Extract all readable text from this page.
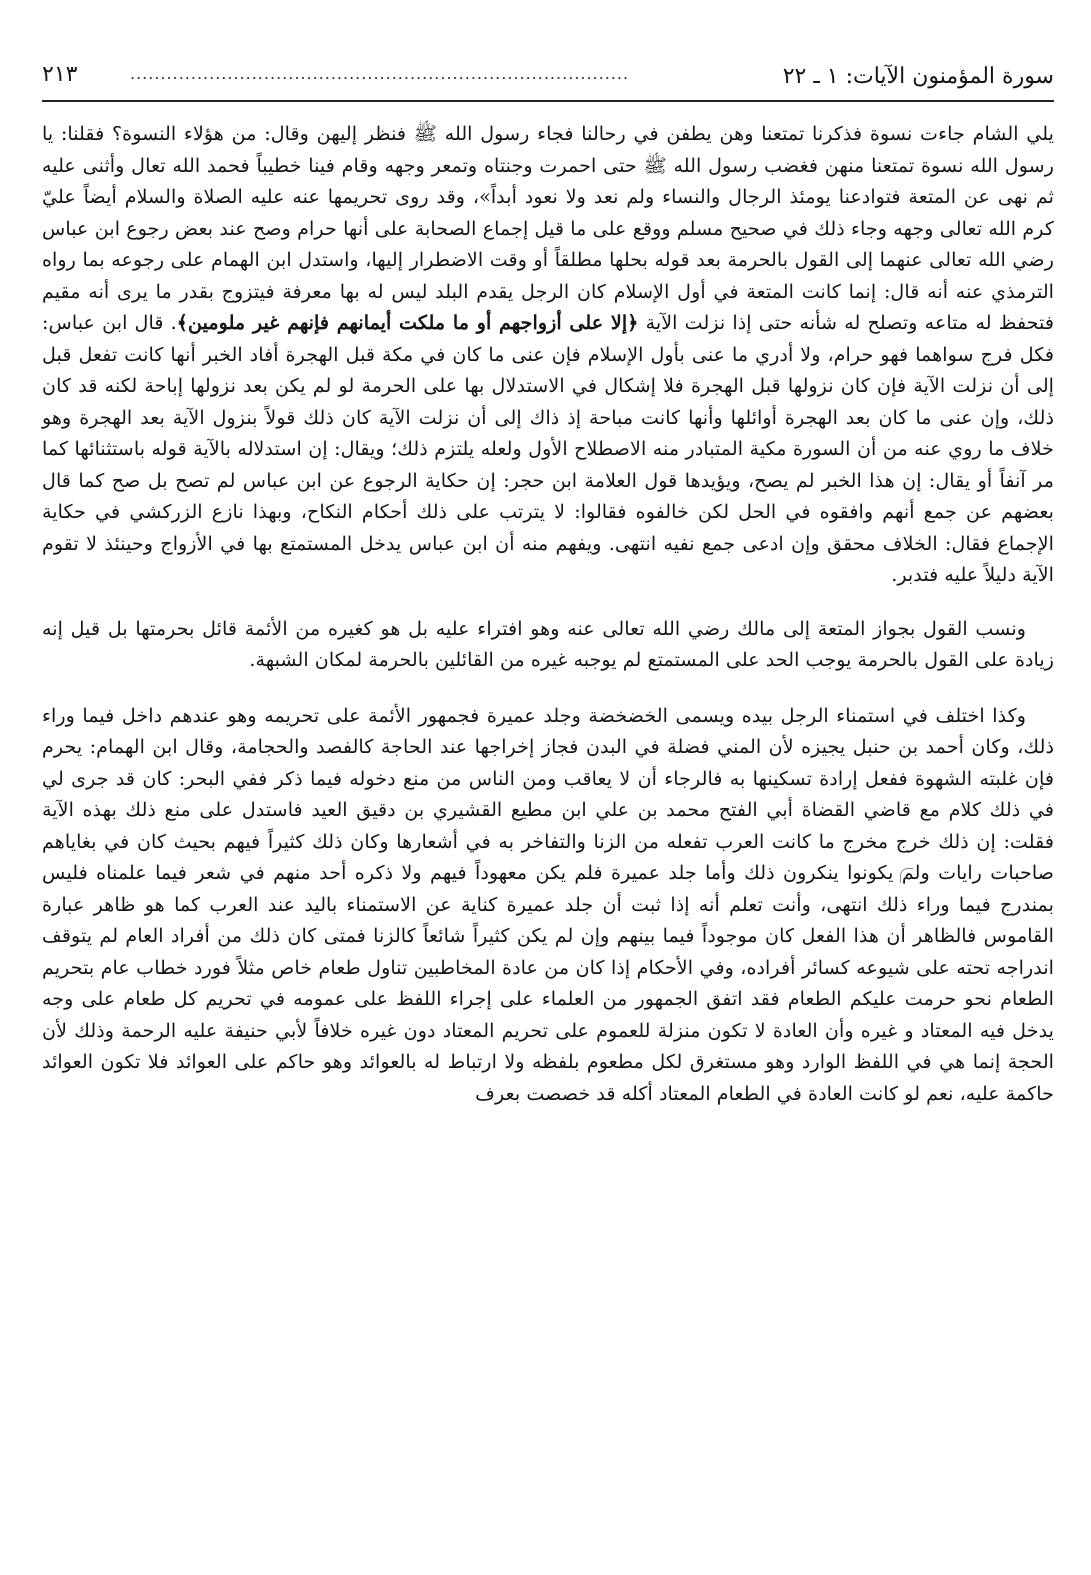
سورة المؤمنون الآيات: ١ ـ ٢٢
..................................................................................
٢١٣

يلي الشام جاءت نسوة فذكرنا تمتعنا وهن يطفن في رحالنا فجاء رسول الله ﷺ فنظر إليهن وقال: من هؤلاء النسوة؟ فقلنا: يا رسول الله نسوة تمتعنا منهن فغضب رسول الله ﷺ حتى احمرت وجنتاه وتمعر وجهه وقام فينا خطيباً فحمد الله تعال وأثنى عليه ثم نهى عن المتعة فتوادعنا يومئذ الرجال والنساء ولم نعد ولا نعود أبداً»، وقد روى تحريمها عنه عليه الصلاة والسلام أيضاً عليّ كرم الله تعالى وجهه وجاء ذلك في صحيح مسلم ووقع على ما قيل إجماع الصحابة على أنها حرام وصح عند بعض رجوع ابن عباس رضي الله تعالى عنهما إلى القول بالحرمة بعد قوله بحلها مطلقاً أو وقت الاضطرار إليها، واستدل ابن الهمام على رجوعه بما رواه الترمذي عنه أنه قال: إنما كانت المتعة في أول الإسلام كان الرجل يقدم البلد ليس له بها معرفة فيتزوج بقدر ما يرى أنه مقيم فتحفظ له متاعه وتصلح له شأنه حتى إذا نزلت الآية ﴿إلا على أزواجهم أو ما ملكت أيمانهم فإنهم غير ملومين﴾. قال ابن عباس: فكل فرج سواهما فهو حرام، ولا أدري ما عنى بأول الإسلام فإن عنى ما كان في مكة قبل الهجرة أفاد الخبر أنها كانت تفعل قبل إلى أن نزلت الآية فإن كان نزولها قبل الهجرة فلا إشكال في الاستدلال بها على الحرمة لو لم يكن بعد نزولها إباحة لكنه قد كان ذلك، وإن عنى ما كان بعد الهجرة أوائلها وأنها كانت مباحة إذ ذاك إلى أن نزلت الآية كان ذلك قولاً بنزول الآية بعد الهجرة وهو خلاف ما روي عنه من أن السورة مكية المتبادر منه الاصطلاح الأول ولعله يلتزم ذلك؛ ويقال: إن استدلاله بالآية قوله باستثنائها كما مر آنفاً أو يقال: إن هذا الخبر لم يصح، ويؤيدها قول العلامة ابن حجر: إن حكاية الرجوع عن ابن عباس لم تصح بل صح كما قال بعضهم عن جمع أنهم وافقوه في الحل لكن خالفوه فقالوا: لا يترتب على ذلك أحكام النكاح، وبهذا نازع الزركشي في حكاية الإجماع فقال: الخلاف محقق وإن ادعى جمع نفيه انتهى. ويفهم منه أن ابن عباس يدخل المستمتع بها في الأزواج وحينئذ لا تقوم الآية دليلاً عليه فتدبر.

ونسب القول بجواز المتعة إلى مالك رضي الله تعالى عنه وهو افتراء عليه بل هو كغيره من الأئمة قائل بحرمتها بل قيل إنه زيادة على القول بالحرمة يوجب الحد على المستمتع لم يوجبه غيره من القائلين بالحرمة لمكان الشبهة.

وكذا اختلف في استمناء الرجل بيده ويسمى الخضخضة وجلد عميرة فجمهور الأئمة على تحريمه وهو عندهم داخل فيما وراء ذلك، وكان أحمد بن حنبل يجيزه لأن المني فضلة في البدن فجاز إخراجها عند الحاجة كالفصد والحجامة، وقال ابن الهمام: يحرم فإن غلبته الشهوة ففعل إرادة تسكينها به فالرجاء أن لا يعاقب ومن الناس من منع دخوله فيما ذكر ففي البحر: كان قد جرى لي في ذلك كلام مع قاضي القضاة أبي الفتح محمد بن علي ابن مطيع القشيري بن دقيق العيد فاستدل على منع ذلك بهذه الآية فقلت: إن ذلك خرج مخرج ما كانت العرب تفعله من الزنا والتفاخر به في أشعارها وكان ذلك كثيراً فيهم بحيث كان في بغاياهم صاحبات رايات ولم يكونوا ينكرون ذلك وأما جلد عميرة فلم يكن معهوداً فيهم ولا ذكره أحد منهم في شعر فيما علمناه فليس بمندرج فيما وراء ذلك انتهى، وأنت تعلم أنه إذا ثبت أن جلد عميرة كناية عن الاستمناء باليد عند العرب كما هو ظاهر عبارة القاموس فالظاهر أن هذا الفعل كان موجوداً فيما بينهم وإن لم يكن كثيراً شائعاً كالزنا فمتى كان ذلك من أفراد العام لم يتوقف اندراجه تحته على شيوعه كسائر أفراده، وفي الأحكام إذا كان من عادة المخاطبين تناول طعام خاص مثلاً فورد خطاب عام بتحريم الطعام نحو حرمت عليكم الطعام فقد اتفق الجمهور من العلماء على إجراء اللفظ على عمومه في تحريم كل طعام على وجه يدخل فيه المعتاد و غيره وأن العادة لا تكون منزلة للعموم على تحريم المعتاد دون غيره خلافاً لأبي حنيفة عليه الرحمة وذلك لأن الحجة إنما هي في اللفظ الوارد وهو مستغرق لكل مطعوم بلفظه ولا ارتباط له بالعوائد وهو حاكم على العوائد فلا تكون العوائد حاكمة عليه، نعم لو كانت العادة في الطعام المعتاد أكله قد خصصت بعرف
